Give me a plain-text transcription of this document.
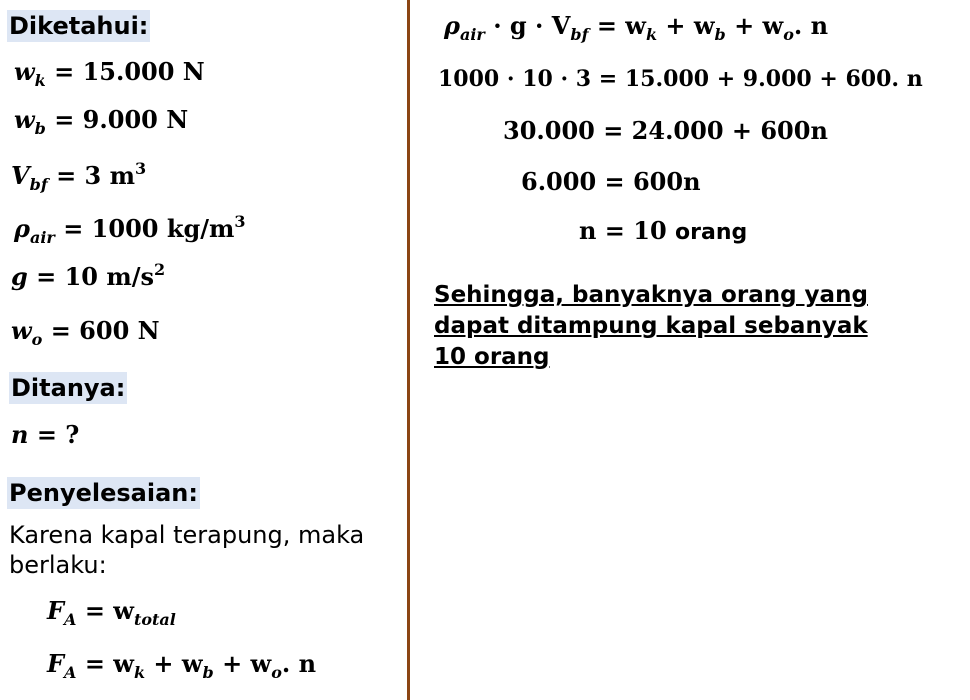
Diketahui:
$w_k = 15.000$ N
$w_b = 9.000$ N
$V_{bf} = 3$ $m^3$
$\rho_{air} = 1000$ $kg/m^3$
g = 10 $m/s^2$
$w_o = 600$ N
Ditanya:
n = ?
Penyelesaian:
Karena kapal terapung, maka berlaku:
$F_A = w_{total}$
$F_A = w_k + w_b + w_o$. n
$\rho_{air} \cdot g \cdot V_{bf} = w_k + w_b + w_o$. n
1000 · 10 · 3 = 15.000 + 9.000 + 600. n
30.000 = 24.000 + 600n
6.000 = 600n
n = 10 orang
Sehingga, banyaknya orang yang dapat ditampung kapal sebanyak 10 orang
